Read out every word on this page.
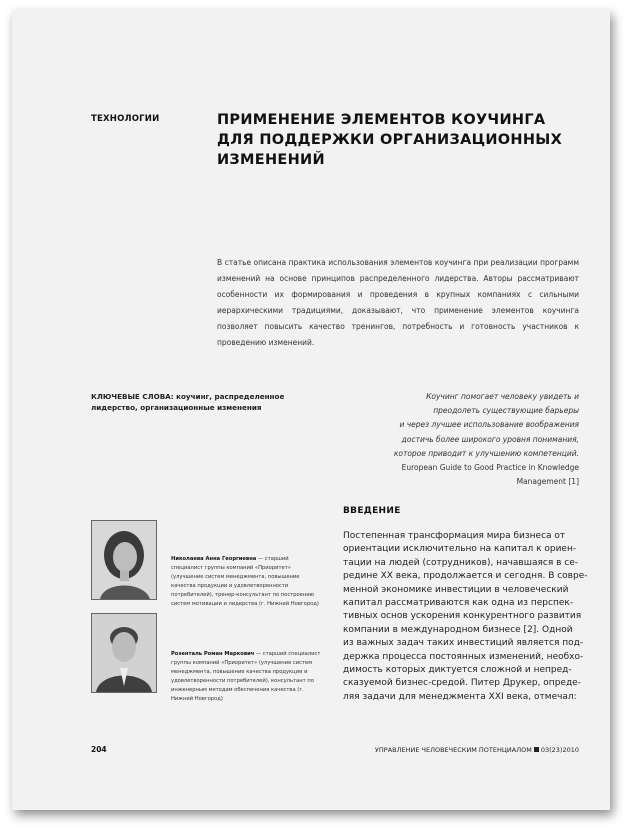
ТЕХНОЛОГИИ	ПРИМЕНЕНИЕ ЭЛЕМЕНТОВ КОУЧИНГА
ДЛЯ ПОДДЕРЖКИ ОРГАНИЗАЦИОННЫХ
ИЗМЕНЕНИЙ
В статье описана практика использования элементов коучинга при реализации программ изменений на основе принципов распределенного лидерства. Авторы рассматривают особенности их формирования и проведения в крупных компаниях с сильными иерархическими традициями, доказывают, что применение элементов коучинга позволяет повысить качество тренингов, потребность и готовность участников к проведению изменений.
КЛЮЧЕВЫЕ СЛОВА: коучинг, распределенное лидерство, организационные изменения
Коучинг помогает человеку увидеть и
преодолеть существующие барьеры
и через лучшее использование воображения
достичь более широкого уровня понимания,
которое приводит к улучшению компетенций.
European Guide to Good Practice in Knowledge
Management [1]
ВВЕДЕНИЕ
Постепенная трансформация мира бизнеса от
ориентации исключительно на капитал к ориен-
тации на людей (сотрудников), начавшаяся в се-
редине XX века, продолжается и сегодня. В совре-
менной экономике инвестиции в человеческий
капитал рассматриваются как одна из перспек-
тивных основ ускорения конкурентного развития
компании в международном бизнесе [2]. Одной
из важных задач таких инвестиций является под-
держка процесса постоянных изменений, необхо-
димость которых диктуется сложной и непред-
сказуемой бизнес-средой. Питер Друкер, опреде-
ляя задачи для менеджмента XXI века, отмечал:
Николаева Анна Георгиевна — старший специалист группы компаний «Приоритет» (улучшение систем менеджмента, повышение качества продукции и удовлетворенности потребителей), тренер-консультант по построению систем мотивации и лидерства (г. Нижний Новгород)
Розенталь Роман Маркович — старший специалист группы компаний «Приоритет» (улучшение систем менеджмента, повышение качества продукции и удовлетворенности потребителей), консультант по инженерным методам обеспечения качества (г. Нижний Новгород)
204	УПРАВЛЕНИЕ ЧЕЛОВЕЧЕСКИМ ПОТЕНЦИАЛОМ 03(23)2010
